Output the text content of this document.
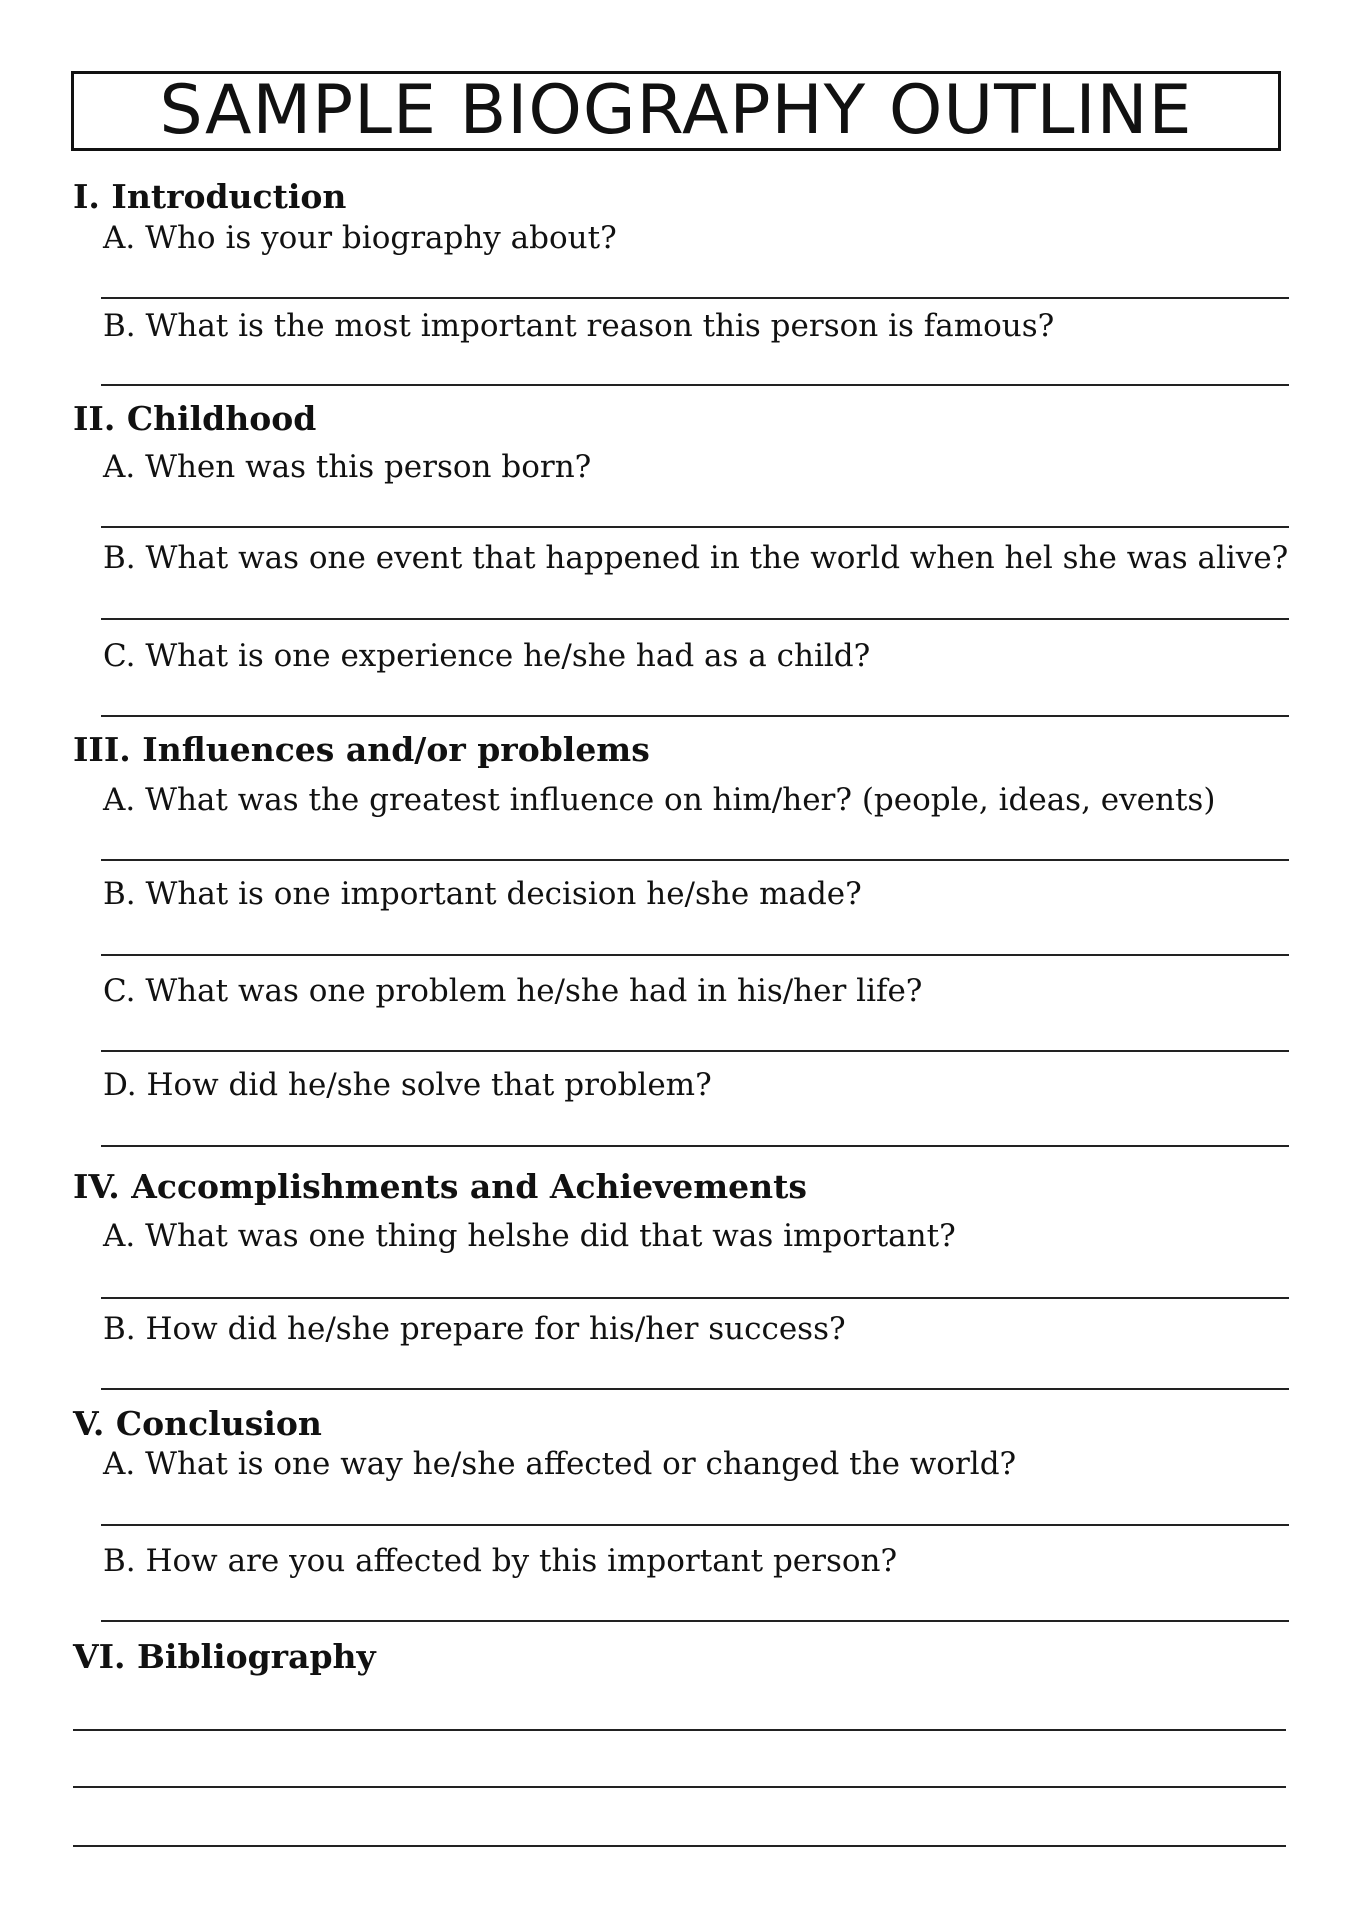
SAMPLE BIOGRAPHY OUTLINE
I. Introduction
A. Who is your biography about?
B. What is the most important reason this person is famous?
II. Childhood
A. When was this person born?
B. What was one event that happened in the world when hel she was alive?
C. What is one experience he/she had as a child?
III. Influences and/or problems
A. What was the greatest influence on him/her? (people, ideas, events)
B. What is one important decision he/she made?
C. What was one problem he/she had in his/her life?
D. How did he/she solve that problem?
IV. Accomplishments and Achievements
A. What was one thing helshe did that was important?
B. How did he/she prepare for his/her success?
V. Conclusion
A. What is one way he/she affected or changed the world?
B. How are you affected by this important person?
VI. Bibliography
